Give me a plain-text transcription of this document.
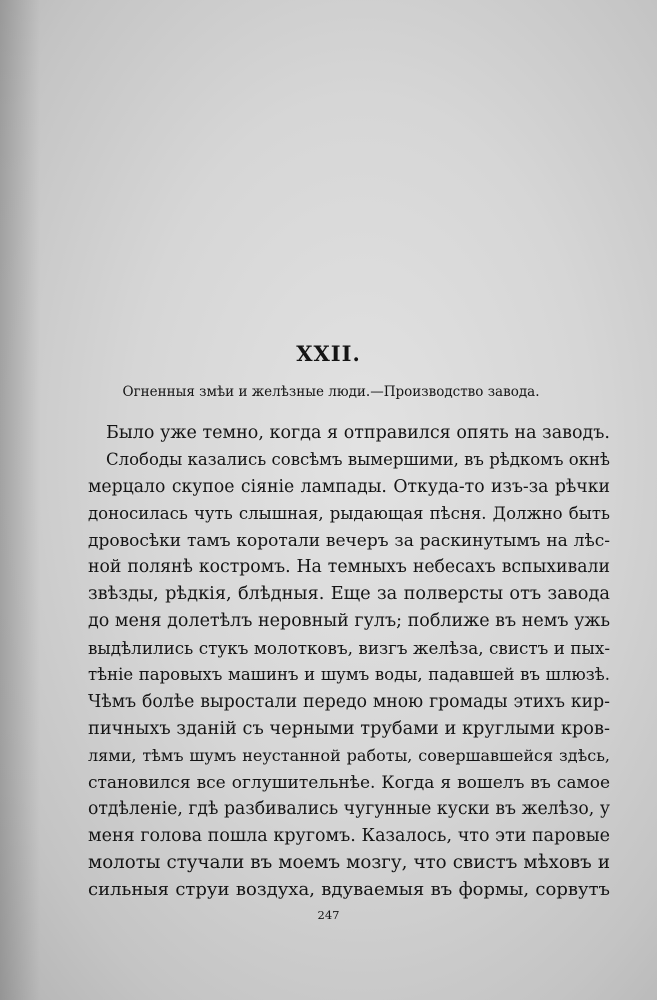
XXII.

Огненныя змѣи и желѣзные люди.—Производство завода.

Было уже темно, когда я отправился опять на заводъ.
Слободы казались совсѣмъ вымершими, въ рѣдкомъ окнѣ
мерцало скупое сіяніе лампады. Откуда-то изъ-за рѣчки
доносилась чуть слышная, рыдающая пѣсня. Должно быть
дровосѣки тамъ коротали вечеръ за раскинутымъ на лѣс-
ной полянѣ костромъ. На темныхъ небесахъ вспыхивали
звѣзды, рѣдкія, блѣдныя. Еще за полверсты отъ завода
до меня долетѣлъ неровный гулъ; поближе въ немъ ужь
выдѣлились стукъ молотковъ, визгъ желѣза, свистъ и пых-
тѣніе паровыхъ машинъ и шумъ воды, падавшей въ шлюзѣ.
Чѣмъ болѣе выростали передо мною громады этихъ кир-
пичныхъ зданій съ черными трубами и круглыми кров-
лями, тѣмъ шумъ неустанной работы, совершавшейся здѣсь,
становился все оглушительнѣе. Когда я вошелъ въ самое
отдѣленіе, гдѣ разбивались чугунные куски въ желѣзо, у
меня голова пошла кругомъ. Казалось, что эти паровые
молоты стучали въ моемъ мозгу, что свистъ мѣховъ и
сильныя струи воздуха, вдуваемыя въ формы, сорвутъ

247
